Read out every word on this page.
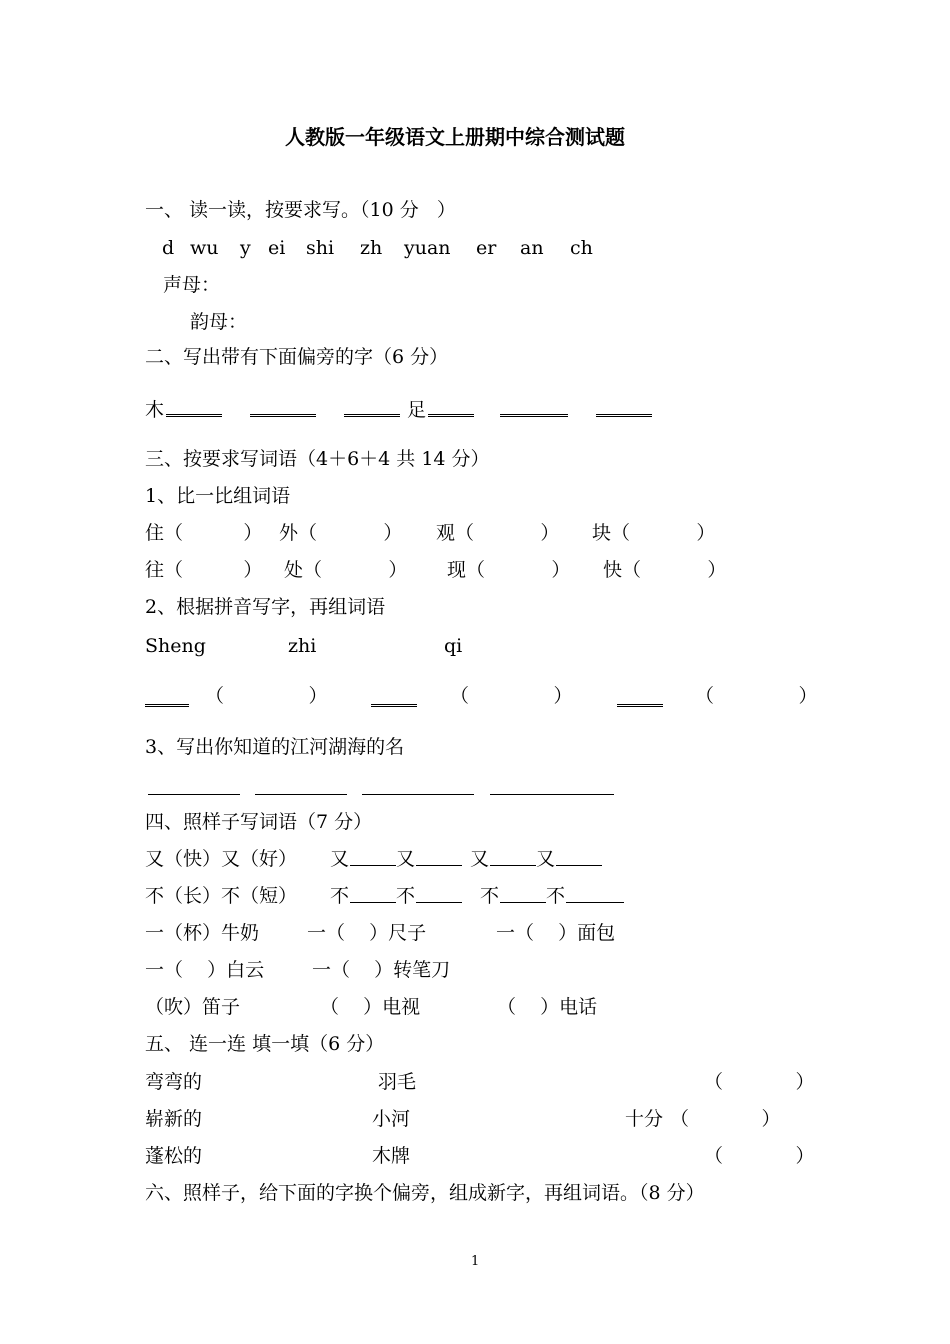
人教版一年级语文上册期中综合测试题
一、 读一读，按要求写。（10 分   ）
d wu y ei shi zh yuan er an ch
声母：
韵母：
二、写出带有下面偏旁的字（6 分）
木	足
三、按要求写词语（4＋6＋4 共 14 分）
1、比一比组词语
住（          ） 外（           ） 观（           ） 块（           ）
往（          ） 处（           ） 现（           ） 快（           ）
2、根据拼音写字，再组词语
Sheng	zhi	qi
（              ）	（              ）	（              ）
3、写出你知道的江河湖海的名
四、照样子写词语（7 分）
又（快）又（好） 又 又	又 又
不（长）不（短） 不 不	不 不
一（杯）牛奶	一（    ）尺子	一（    ）面包
一（    ）白云	一（    ）转笔刀
（吹）笛子	（    ）电视	（    ）电话
五、 连一连 填一填（6 分）
弯弯的	羽毛	（            ）
崭新的	小河	十分 （            ）
蓬松的	木牌	（            ）
六、照样子，给下面的字换个偏旁，组成新字，再组词语。（8 分）
1
